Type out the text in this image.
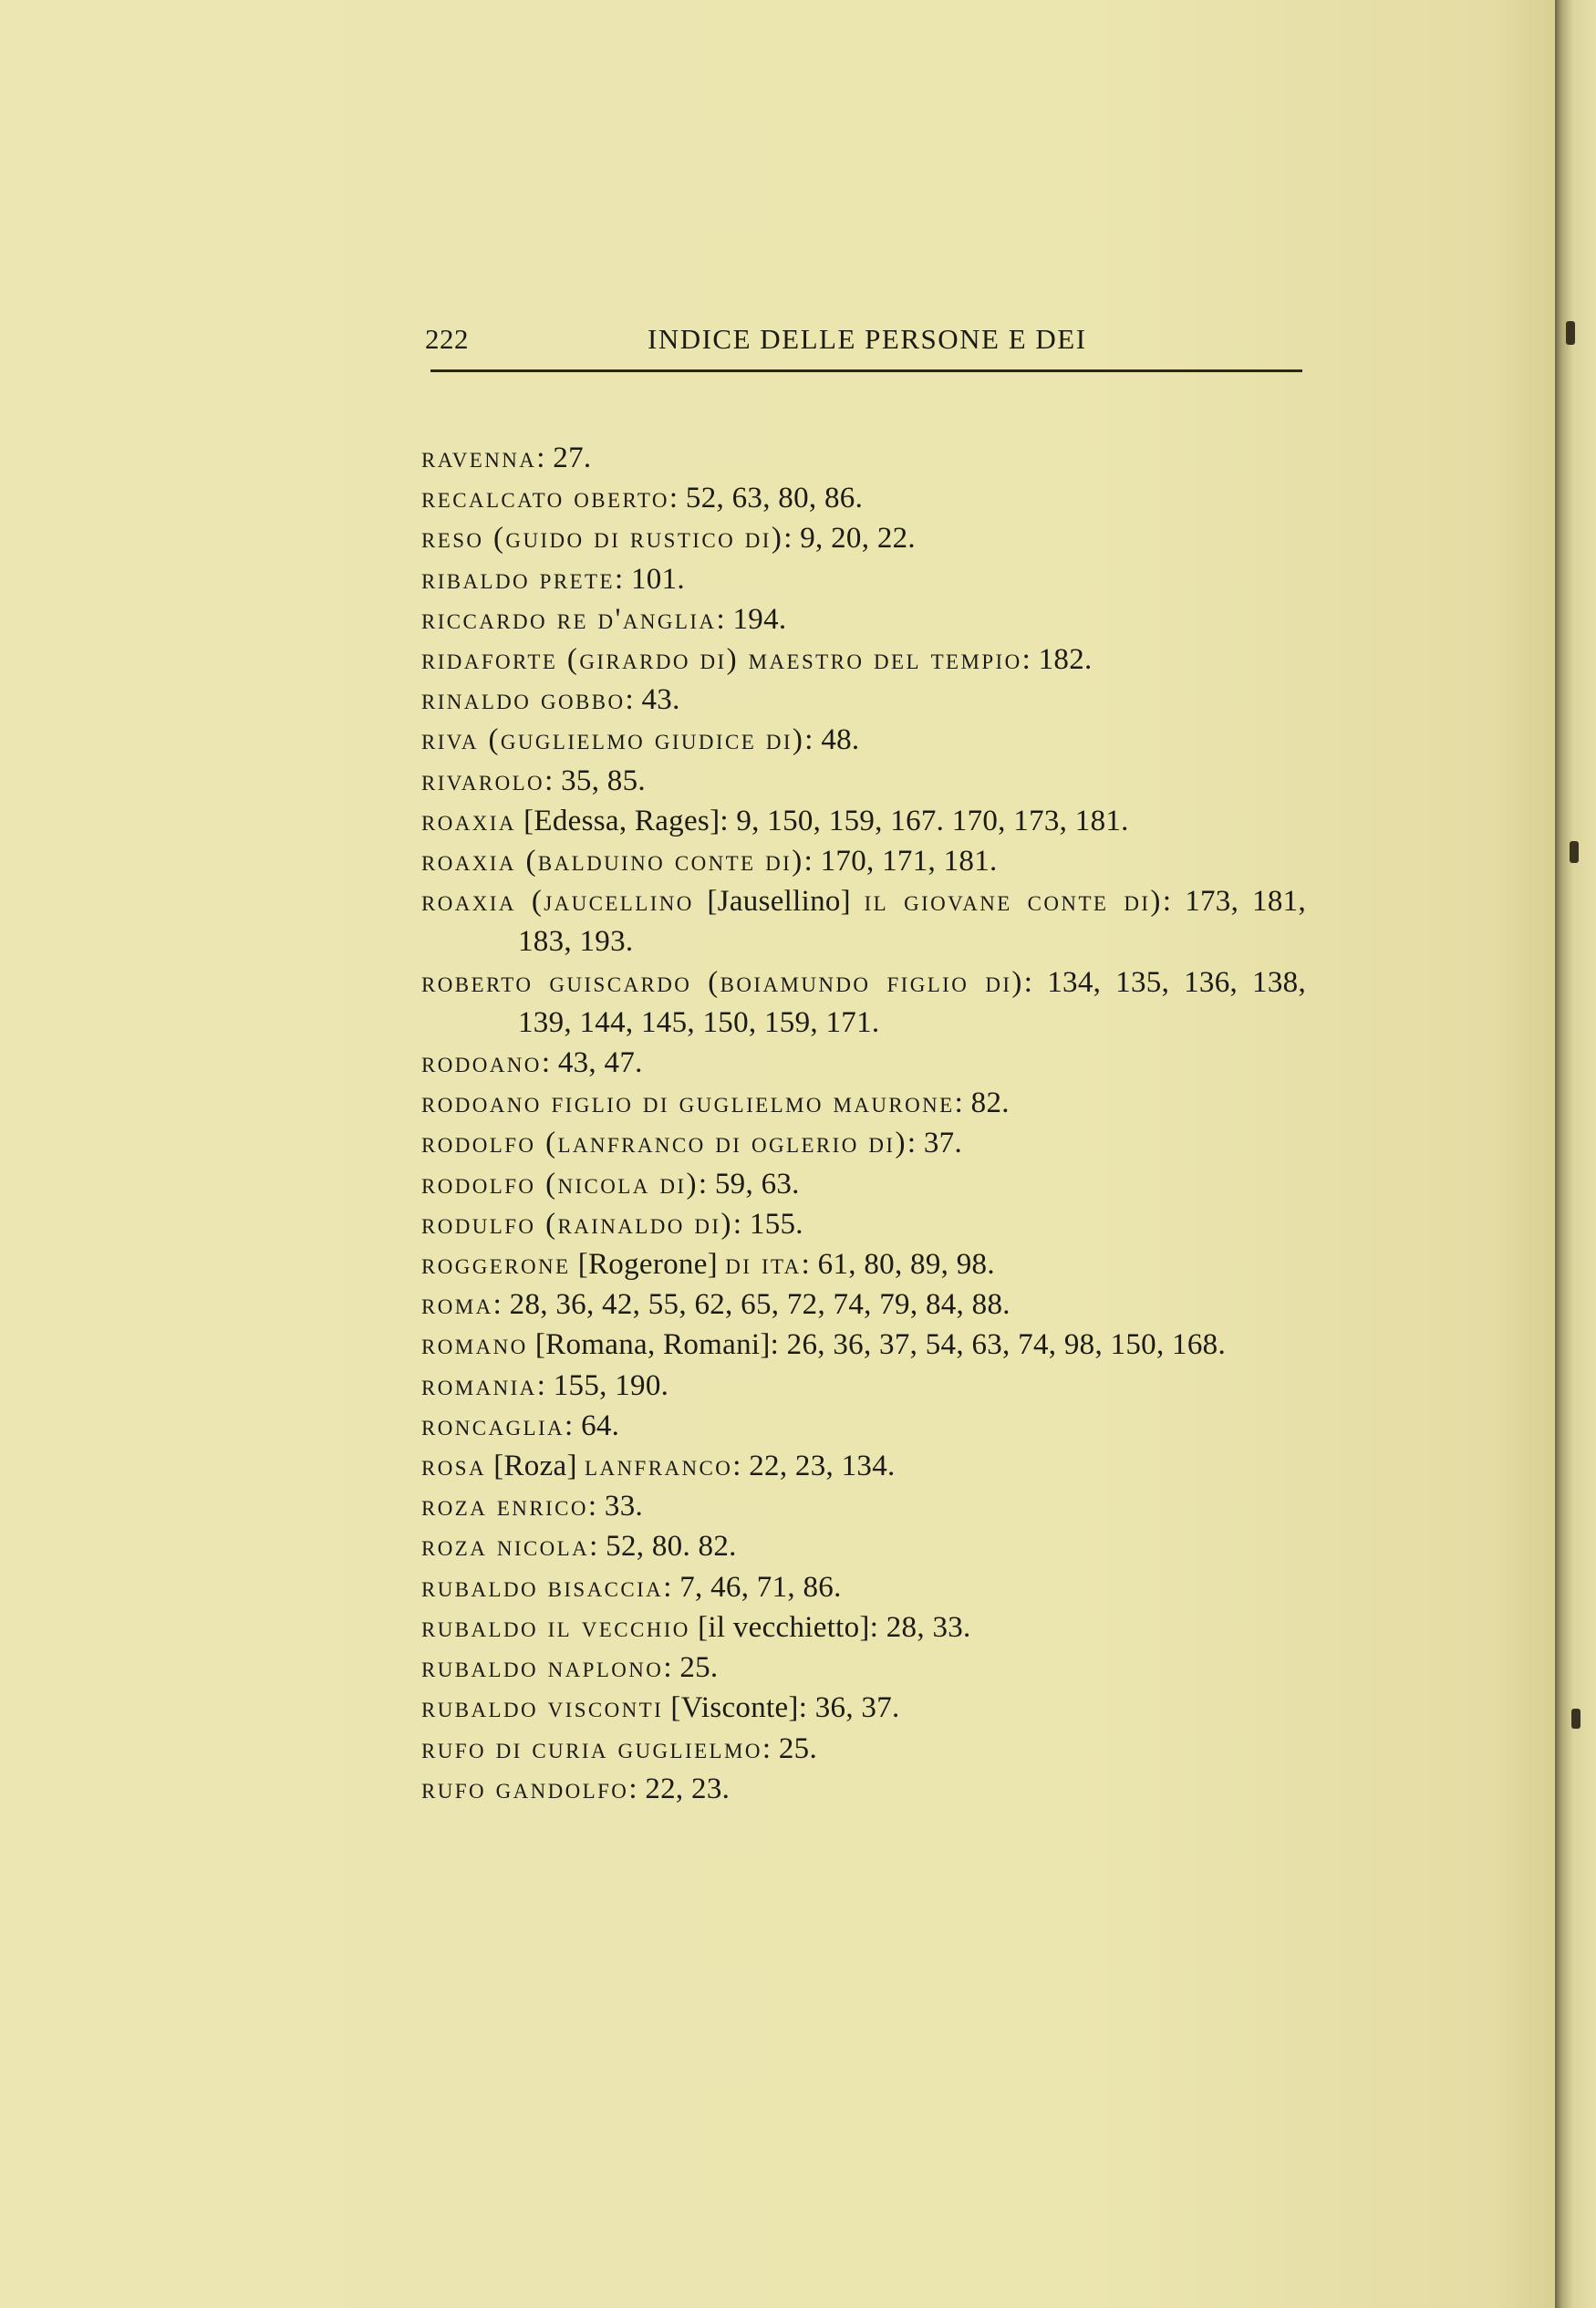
222	INDICE DELLE PERSONE E DEI
ravenna: 27.
recalcato oberto: 52, 63, 80, 86.
reso (guido di rustico di): 9, 20, 22.
ribaldo prete: 101.
riccardo re d'anglia: 194.
ridaforte (girardo di) maestro del tempio: 182.
rinaldo gobbo: 43.
riva (guglielmo giudice di): 48.
rivarolo: 35, 85.
roaxia [Edessa, Rages]: 9, 150, 159, 167. 170, 173, 181.
roaxia (balduino conte di): 170, 171, 181.
roaxia (jaucellino [Jausellino] il giovane conte di): 173, 181, 183, 193.
roberto guiscardo (boiamundo figlio di): 134, 135, 136, 138, 139, 144, 145, 150, 159, 171.
rodoano: 43, 47.
rodoano figlio di guglielmo maurone: 82.
rodolfo (lanfranco di oglerio di): 37.
rodolfo (nicola di): 59, 63.
rodulfo (rainaldo di): 155.
roggerone [Rogerone] di ita: 61, 80, 89, 98.
roma: 28, 36, 42, 55, 62, 65, 72, 74, 79, 84, 88.
romano [Romana, Romani]: 26, 36, 37, 54, 63, 74, 98, 150, 168.
romania: 155, 190.
roncaglia: 64.
rosa [Roza] lanfranco: 22, 23, 134.
roza enrico: 33.
roza nicola: 52, 80. 82.
rubaldo bisaccia: 7, 46, 71, 86.
rubaldo il vecchio [il vecchietto]: 28, 33.
rubaldo naplono: 25.
rubaldo visconti [Visconte]: 36, 37.
rufo di curia guglielmo: 25.
rufo gandolfo: 22, 23.
